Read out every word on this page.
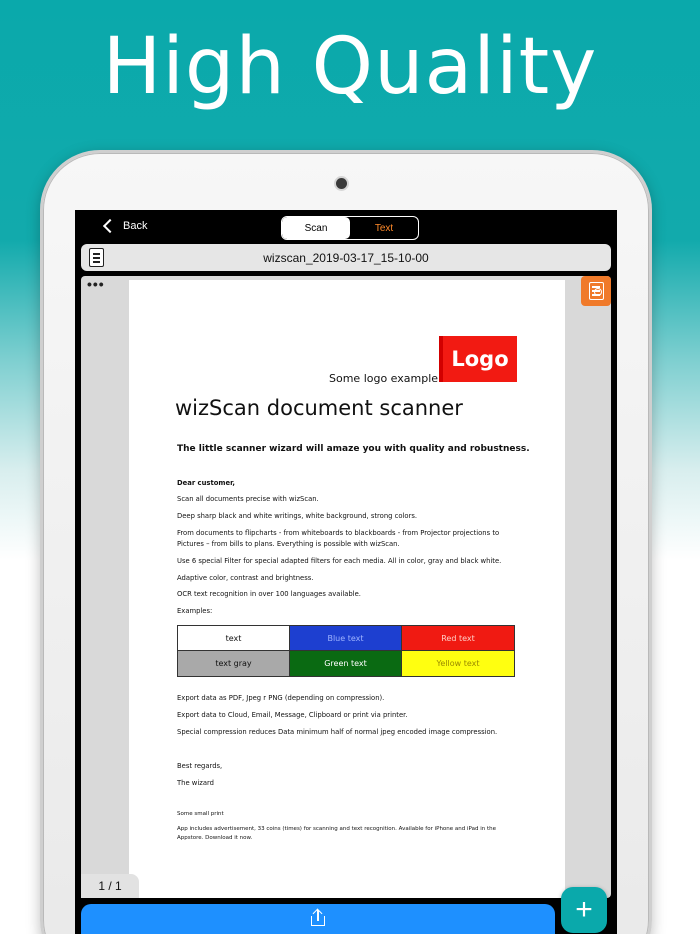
High Quality
Back	Scan	Text
wizscan_2019-03-17_15-10-00
Logo
Some logo example
wizScan document scanner
The little scanner wizard will amaze you with quality and robustness.
Dear customer,
Scan all documents precise with wizScan.
Deep sharp black and white writings, white background, strong colors.
From documents to flipcharts - from whiteboards to blackboards - from Projector projections to Pictures – from bills to plans. Everything is possible with wizScan.
Use 6 special Filter for special adapted filters for each media. All in color, gray and black white.
Adaptive color, contrast and brightness.
OCR text recognition in over 100 languages available.
Examples:
text	Blue text	Red text
text gray	Green text	Yellow text
Export data as PDF, Jpeg r PNG (depending on compression).
Export data to Cloud, Email, Message, Clipboard or print via printer.
Special compression reduces Data minimum half of normal jpeg encoded image compression.
Best regards,
The wizard
Some small print
App includes advertisement, 33 coins (times) for scanning and text recognition. Available for iPhone and iPad in the Appstore. Download it now.
•••
1 / 1
+
